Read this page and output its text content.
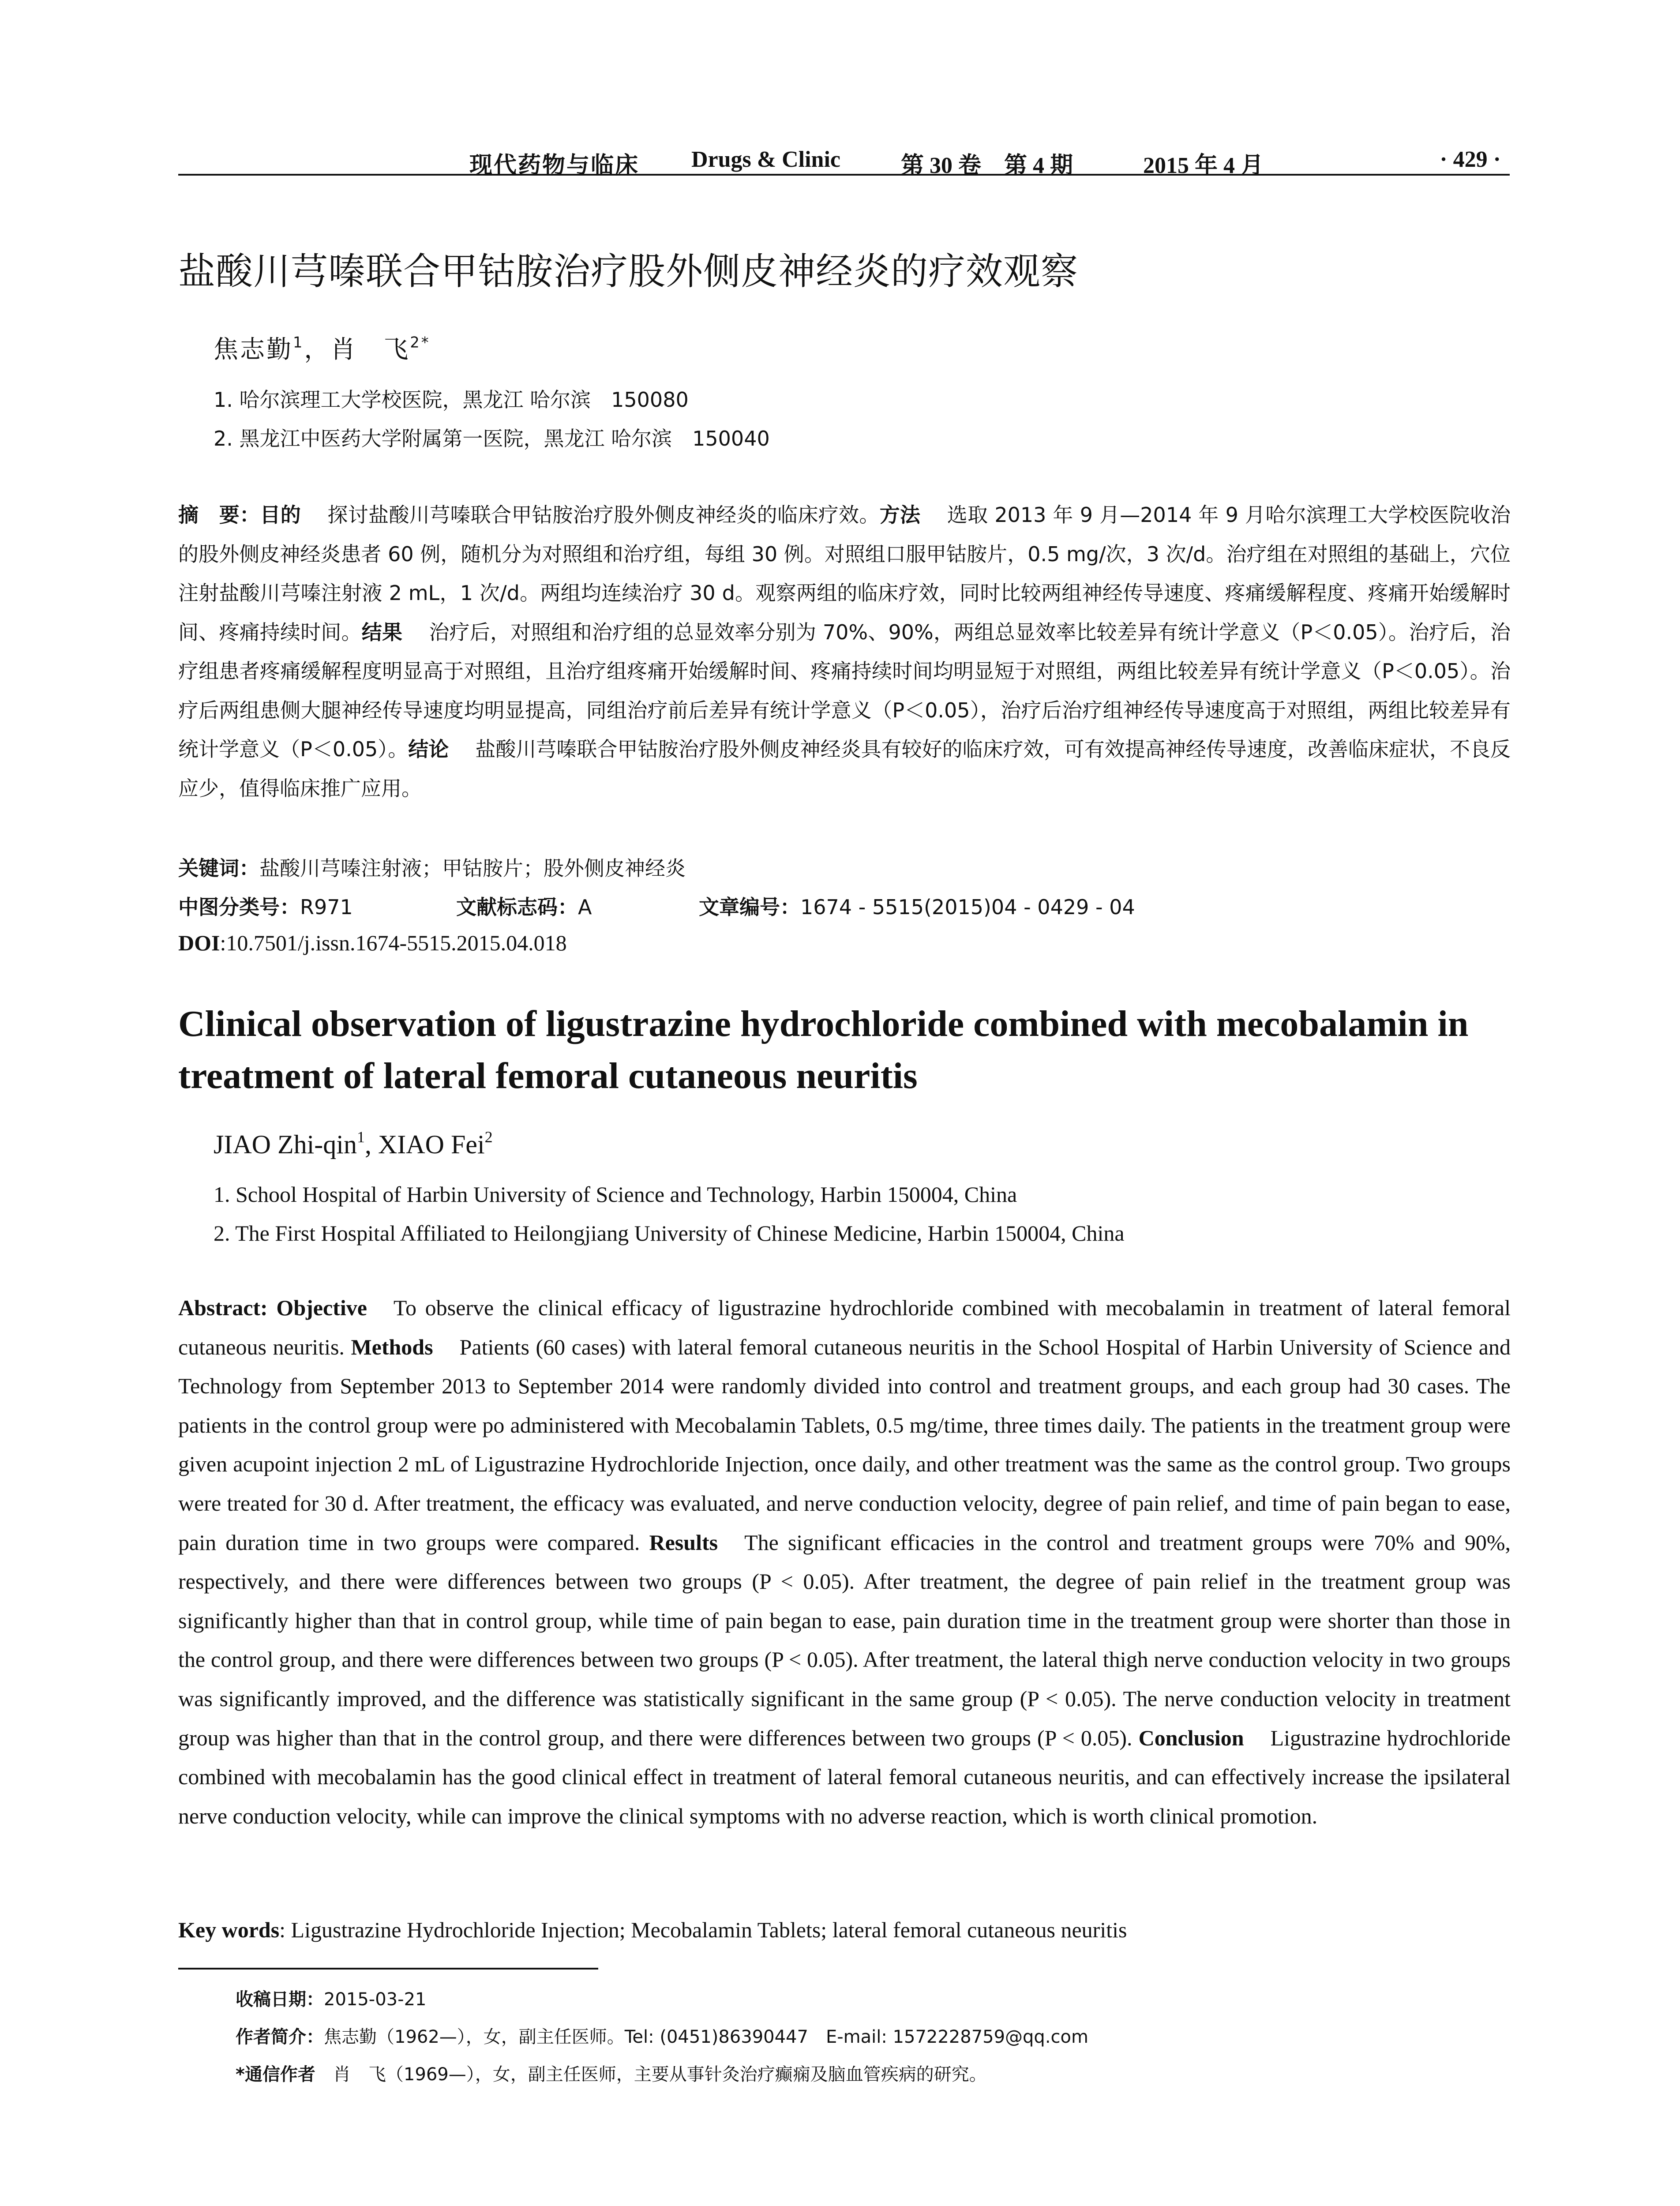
现代药物与临床 Drugs & Clinic	第 30 卷　第 4 期	2015 年 4 月	· 429 ·
盐酸川芎嗪联合甲钴胺治疗股外侧皮神经炎的疗效观察
焦志勤$^1$，肖　飞$^{2*}$
1. 哈尔滨理工大学校医院，黑龙江 哈尔滨　150080
2. 黑龙江中医药大学附属第一医院，黑龙江 哈尔滨　150040
摘　要：目的 探讨盐酸川芎嗪联合甲钴胺治疗股外侧皮神经炎的临床疗效。方法 选取 2013 年 9 月—2014 年 9 月哈尔滨理工大学校医院收治的股外侧皮神经炎患者 60 例，随机分为对照组和治疗组，每组 30 例。对照组口服甲钴胺片，0.5 mg/次，3 次/d。治疗组在对照组的基础上，穴位注射盐酸川芎嗪注射液 2 mL，1 次/d。两组均连续治疗 30 d。观察两组的临床疗效，同时比较两组神经传导速度、疼痛缓解程度、疼痛开始缓解时间、疼痛持续时间。结果 治疗后，对照组和治疗组的总显效率分别为 70%、90%，两组总显效率比较差异有统计学意义（P＜0.05）。治疗后，治疗组患者疼痛缓解程度明显高于对照组，且治疗组疼痛开始缓解时间、疼痛持续时间均明显短于对照组，两组比较差异有统计学意义（P＜0.05）。治疗后两组患侧大腿神经传导速度均明显提高，同组治疗前后差异有统计学意义（P＜0.05），治疗后治疗组神经传导速度高于对照组，两组比较差异有统计学意义（P＜0.05）。结论 盐酸川芎嗪联合甲钴胺治疗股外侧皮神经炎具有较好的临床疗效，可有效提高神经传导速度，改善临床症状，不良反应少，值得临床推广应用。
关键词：盐酸川芎嗪注射液；甲钴胺片；股外侧皮神经炎
中图分类号：R971	文献标志码：A	文章编号：1674 - 5515(2015)04 - 0429 - 04
DOI:10.7501/j.issn.1674-5515.2015.04.018
Clinical observation of ligustrazine hydrochloride combined with mecobalamin in treatment of lateral femoral cutaneous neuritis
JIAO Zhi-qin$^1$, XIAO Fei$^2$
1. School Hospital of Harbin University of Science and Technology, Harbin 150004, China
2. The First Hospital Affiliated to Heilongjiang University of Chinese Medicine, Harbin 150004, China
Abstract: Objective To observe the clinical efficacy of ligustrazine hydrochloride combined with mecobalamin in treatment of lateral femoral cutaneous neuritis. Methods Patients (60 cases) with lateral femoral cutaneous neuritis in the School Hospital of Harbin University of Science and Technology from September 2013 to September 2014 were randomly divided into control and treatment groups, and each group had 30 cases. The patients in the control group were po administered with Mecobalamin Tablets, 0.5 mg/time, three times daily. The patients in the treatment group were given acupoint injection 2 mL of Ligustrazine Hydrochloride Injection, once daily, and other treatment was the same as the control group. Two groups were treated for 30 d. After treatment, the efficacy was evaluated, and nerve conduction velocity, degree of pain relief, and time of pain began to ease, pain duration time in two groups were compared. Results The significant efficacies in the control and treatment groups were 70% and 90%, respectively, and there were differences between two groups (P < 0.05). After treatment, the degree of pain relief in the treatment group was significantly higher than that in control group, while time of pain began to ease, pain duration time in the treatment group were shorter than those in the control group, and there were differences between two groups (P < 0.05). After treatment, the lateral thigh nerve conduction velocity in two groups was significantly improved, and the difference was statistically significant in the same group (P < 0.05). The nerve conduction velocity in treatment group was higher than that in the control group, and there were differences between two groups (P < 0.05). Conclusion Ligustrazine hydrochloride combined with mecobalamin has the good clinical effect in treatment of lateral femoral cutaneous neuritis, and can effectively increase the ipsilateral nerve conduction velocity, while can improve the clinical symptoms with no adverse reaction, which is worth clinical promotion.
Key words: Ligustrazine Hydrochloride Injection; Mecobalamin Tablets; lateral femoral cutaneous neuritis
收稿日期：2015-03-21
作者简介：焦志勤（1962—），女，副主任医师。Tel: (0451)86390447　E-mail: 1572228759@qq.com
*通信作者　肖　飞（1969—），女，副主任医师，主要从事针灸治疗癫痫及脑血管疾病的研究。
